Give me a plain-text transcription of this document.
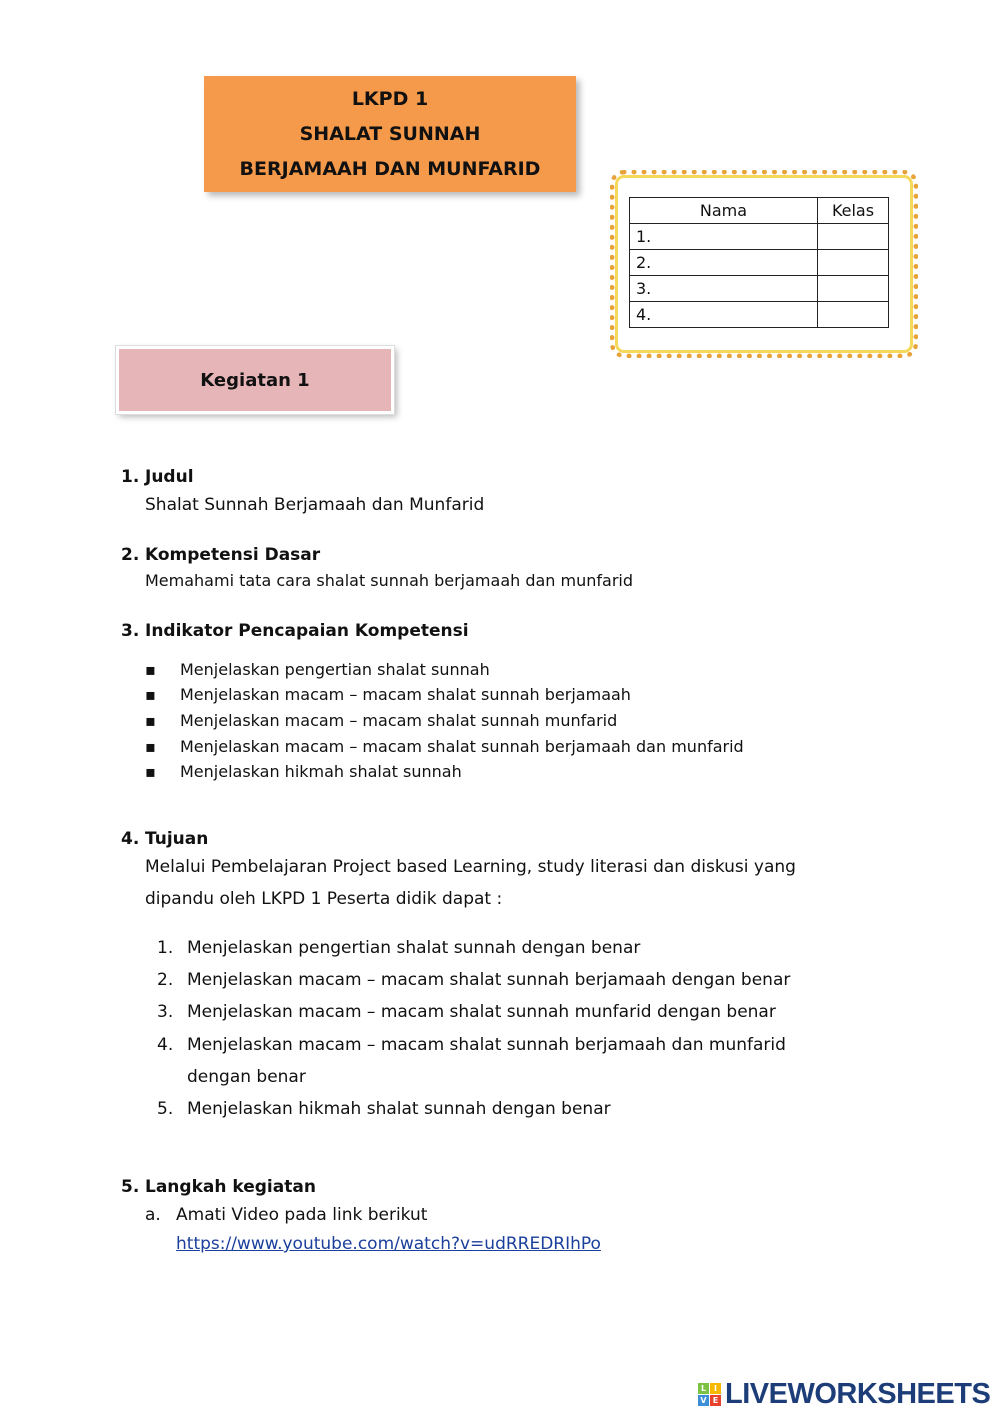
LKPD 1
SHALAT SUNNAH
BERJAMAAH DAN MUNFARID
Nama	Kelas
1.	
2.	
3.	
4.	
Kegiatan 1
1. Judul
Shalat Sunnah Berjamaah dan Munfarid
2. Kompetensi Dasar
Memahami tata cara shalat sunnah berjamaah dan munfarid
3. Indikator Pencapaian Kompetensi
▪ Menjelaskan pengertian shalat sunnah
▪ Menjelaskan macam – macam shalat sunnah berjamaah
▪ Menjelaskan macam – macam shalat sunnah munfarid
▪ Menjelaskan macam – macam shalat sunnah berjamaah dan munfarid
▪ Menjelaskan hikmah shalat sunnah
4. Tujuan
Melalui Pembelajaran Project based Learning, study literasi dan diskusi yang
dipandu oleh LKPD 1 Peserta didik dapat :
1. Menjelaskan pengertian shalat sunnah dengan benar
2. Menjelaskan macam – macam shalat sunnah berjamaah dengan benar
3. Menjelaskan macam – macam shalat sunnah munfarid dengan benar
4. Menjelaskan macam – macam shalat sunnah berjamaah dan munfarid
dengan benar
5. Menjelaskan hikmah shalat sunnah dengan benar
5. Langkah kegiatan
a. Amati Video pada link berikut
https://www.youtube.com/watch?v=udRREDRIhPo
L I
V E LIVEWORKSHEETS
